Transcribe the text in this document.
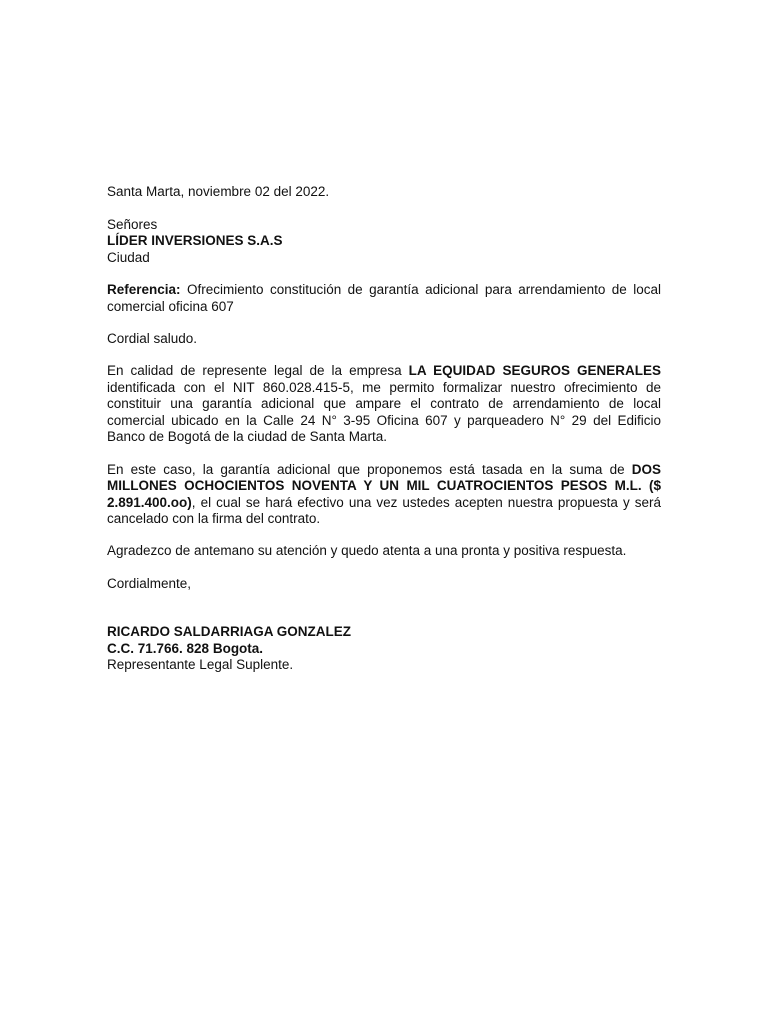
Santa Marta, noviembre 02 del 2022.

Señores

LÍDER INVERSIONES S.A.S

Ciudad

Referencia: Ofrecimiento constitución de garantía adicional para arrendamiento de local comercial oficina 607

Cordial saludo.

En calidad de represente legal de la empresa LA EQUIDAD SEGUROS GENERALES identificada con el NIT 860.028.415-5, me permito formalizar nuestro ofrecimiento de constituir una garantía adicional que ampare el contrato de arrendamiento de local comercial ubicado en la Calle 24 N° 3-95 Oficina 607 y parqueadero N° 29 del Edificio Banco de Bogotá de la ciudad de Santa Marta.

En este caso, la garantía adicional que proponemos está tasada en la suma de DOS MILLONES OCHOCIENTOS NOVENTA Y UN MIL CUATROCIENTOS PESOS M.L. ($ 2.891.400.oo), el cual se hará efectivo una vez ustedes acepten nuestra propuesta y será cancelado con la firma del contrato.

Agradezco de antemano su atención y quedo atenta a una pronta y positiva respuesta.

Cordialmente,

RICARDO SALDARRIAGA GONZALEZ

C.C. 71.766. 828 Bogota.

Representante Legal Suplente.
